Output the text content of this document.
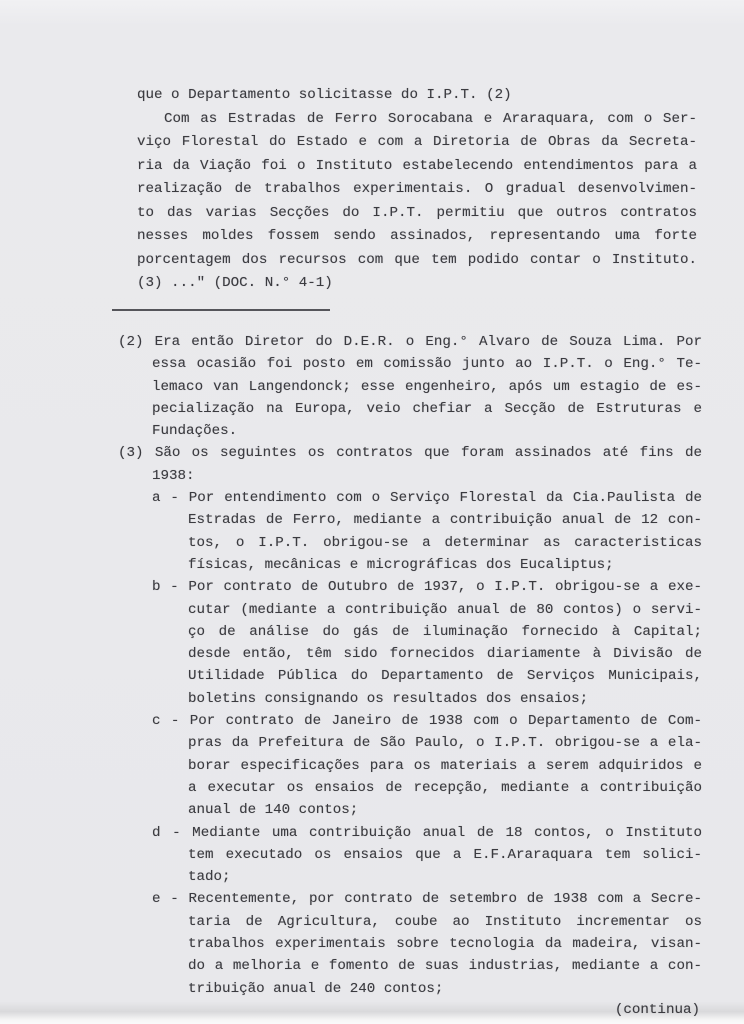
que o Departamento solicitasse do I.P.T. (2)
Com as Estradas de Ferro Sorocabana e Araraquara, com o Ser-
viço Florestal do Estado e com a Diretoria de Obras da Secreta-
ria da Viação foi o Instituto estabelecendo entendimentos para a
realização de trabalhos experimentais. O gradual desenvolvimen-
to das varias Secções do I.P.T. permitiu que outros contratos
nesses moldes fossem sendo assinados, representando uma forte
porcentagem dos recursos com que tem podido contar o Instituto.
(3) ..." (DOC. N.° 4-1)
(2) Era então Diretor do D.E.R. o Eng.° Alvaro de Souza Lima. Por
essa ocasião foi posto em comissão junto ao I.P.T. o Eng.° Te-
lemaco van Langendonck; esse engenheiro, após um estagio de es-
pecialização na Europa, veio chefiar a Secção de Estruturas e
Fundações.
(3) São os seguintes os contratos que foram assinados até fins de
1938:
a - Por entendimento com o Serviço Florestal da Cia.Paulista de
Estradas de Ferro, mediante a contribuição anual de 12 con-
tos, o I.P.T. obrigou-se a determinar as caracteristicas
físicas, mecânicas e micrográficas dos Eucaliptus;
b - Por contrato de Outubro de 1937, o I.P.T. obrigou-se a exe-
cutar (mediante a contribuição anual de 80 contos) o servi-
ço de análise do gás de iluminação fornecido à Capital;
desde então, têm sido fornecidos diariamente à Divisão de
Utilidade Pública do Departamento de Serviços Municipais,
boletins consignando os resultados dos ensaios;
c - Por contrato de Janeiro de 1938 com o Departamento de Com-
pras da Prefeitura de São Paulo, o I.P.T. obrigou-se a ela-
borar especificações para os materiais a serem adquiridos e
a executar os ensaios de recepção, mediante a contribuição
anual de 140 contos;
d - Mediante uma contribuição anual de 18 contos, o Instituto
tem executado os ensaios que a E.F.Araraquara tem solici-
tado;
e - Recentemente, por contrato de setembro de 1938 com a Secre-
taria de Agricultura, coube ao Instituto incrementar os
trabalhos experimentais sobre tecnologia da madeira, visan-
do a melhoria e fomento de suas industrias, mediante a con-
tribuição anual de 240 contos;
(continua)
